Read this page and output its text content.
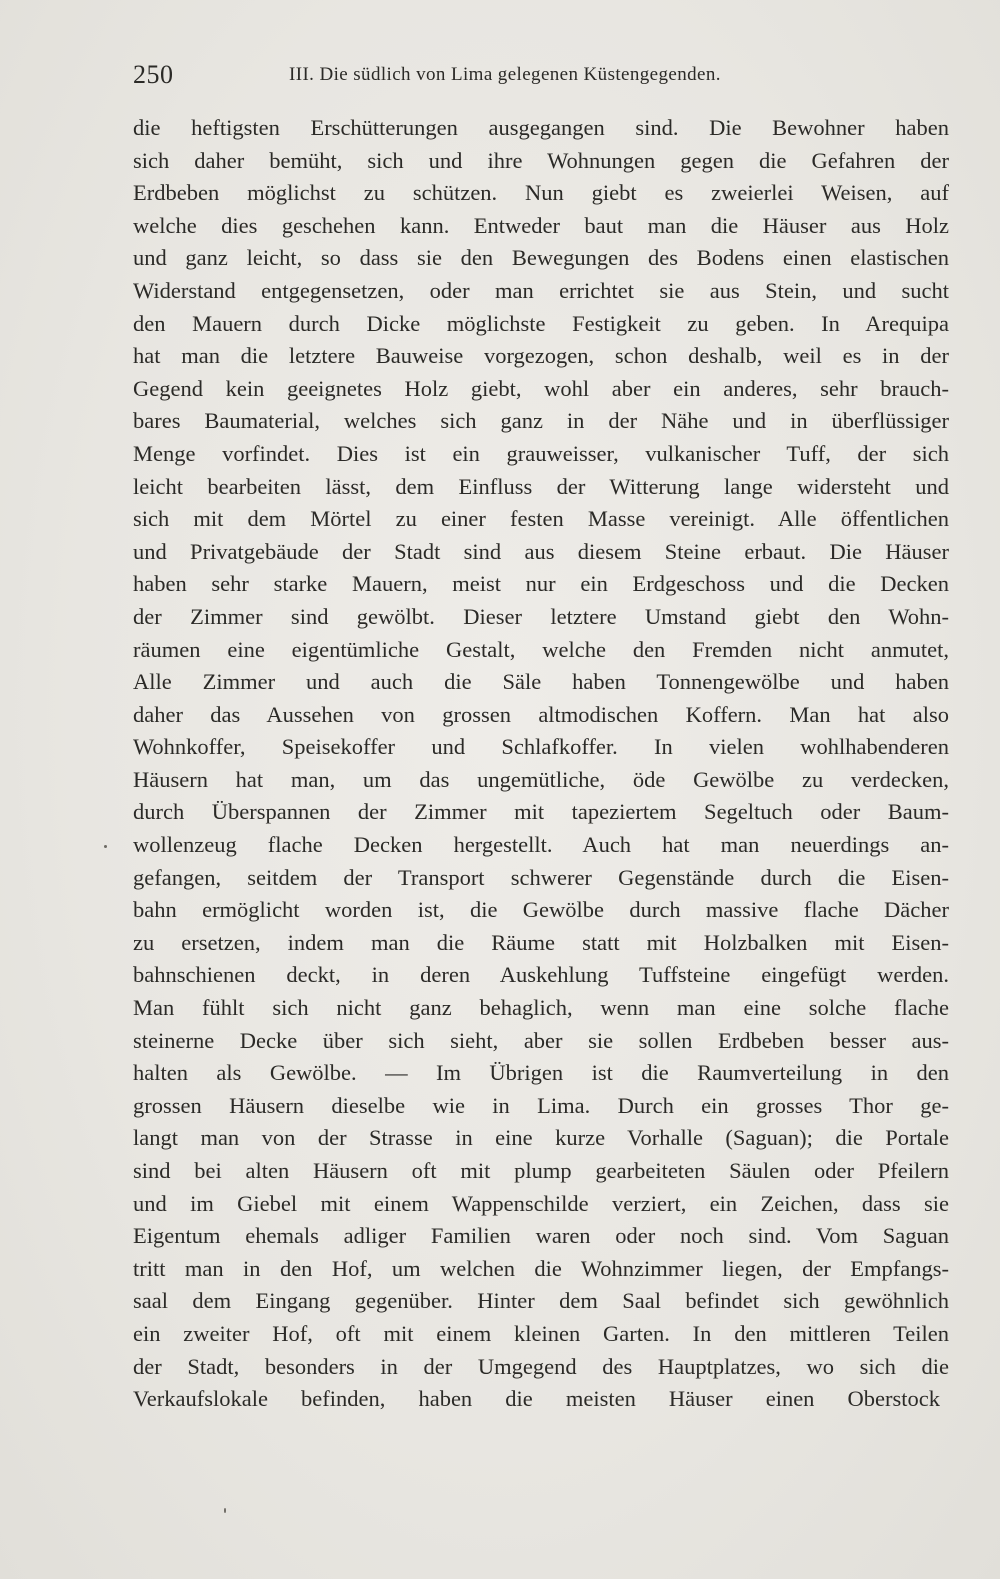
250	III. Die südlich von Lima gelegenen Küstengegenden.
die heftigsten Erschütterungen ausgegangen sind. Die Bewohner haben
sich daher bemüht, sich und ihre Wohnungen gegen die Gefahren der
Erdbeben möglichst zu schützen. Nun giebt es zweierlei Weisen, auf
welche dies geschehen kann. Entweder baut man die Häuser aus Holz
und ganz leicht, so dass sie den Bewegungen des Bodens einen elastischen
Widerstand entgegensetzen, oder man errichtet sie aus Stein, und sucht
den Mauern durch Dicke möglichste Festigkeit zu geben. In Arequipa
hat man die letztere Bauweise vorgezogen, schon deshalb, weil es in der
Gegend kein geeignetes Holz giebt, wohl aber ein anderes, sehr brauch-
bares Baumaterial, welches sich ganz in der Nähe und in überflüssiger
Menge vorfindet. Dies ist ein grauweisser, vulkanischer Tuff, der sich
leicht bearbeiten lässt, dem Einfluss der Witterung lange widersteht und
sich mit dem Mörtel zu einer festen Masse vereinigt. Alle öffentlichen
und Privatgebäude der Stadt sind aus diesem Steine erbaut. Die Häuser
haben sehr starke Mauern, meist nur ein Erdgeschoss und die Decken
der Zimmer sind gewölbt. Dieser letztere Umstand giebt den Wohn-
räumen eine eigentümliche Gestalt, welche den Fremden nicht anmutet,
Alle Zimmer und auch die Säle haben Tonnengewölbe und haben
daher das Aussehen von grossen altmodischen Koffern. Man hat also
Wohnkoffer, Speisekoffer und Schlafkoffer. In vielen wohlhabenderen
Häusern hat man, um das ungemütliche, öde Gewölbe zu verdecken,
durch Überspannen der Zimmer mit tapeziertem Segeltuch oder Baum-
wollenzeug flache Decken hergestellt. Auch hat man neuerdings an-
gefangen, seitdem der Transport schwerer Gegenstände durch die Eisen-
bahn ermöglicht worden ist, die Gewölbe durch massive flache Dächer
zu ersetzen, indem man die Räume statt mit Holzbalken mit Eisen-
bahnschienen deckt, in deren Auskehlung Tuffsteine eingefügt werden.
Man fühlt sich nicht ganz behaglich, wenn man eine solche flache
steinerne Decke über sich sieht, aber sie sollen Erdbeben besser aus-
halten als Gewölbe. — Im Übrigen ist die Raumverteilung in den
grossen Häusern dieselbe wie in Lima. Durch ein grosses Thor ge-
langt man von der Strasse in eine kurze Vorhalle (Saguan); die Portale
sind bei alten Häusern oft mit plump gearbeiteten Säulen oder Pfeilern
und im Giebel mit einem Wappenschilde verziert, ein Zeichen, dass sie
Eigentum ehemals adliger Familien waren oder noch sind. Vom Saguan
tritt man in den Hof, um welchen die Wohnzimmer liegen, der Empfangs-
saal dem Eingang gegenüber. Hinter dem Saal befindet sich gewöhnlich
ein zweiter Hof, oft mit einem kleinen Garten. In den mittleren Teilen
der Stadt, besonders in der Umgegend des Hauptplatzes, wo sich die
Verkaufslokale befinden, haben die meisten Häuser einen Oberstock
